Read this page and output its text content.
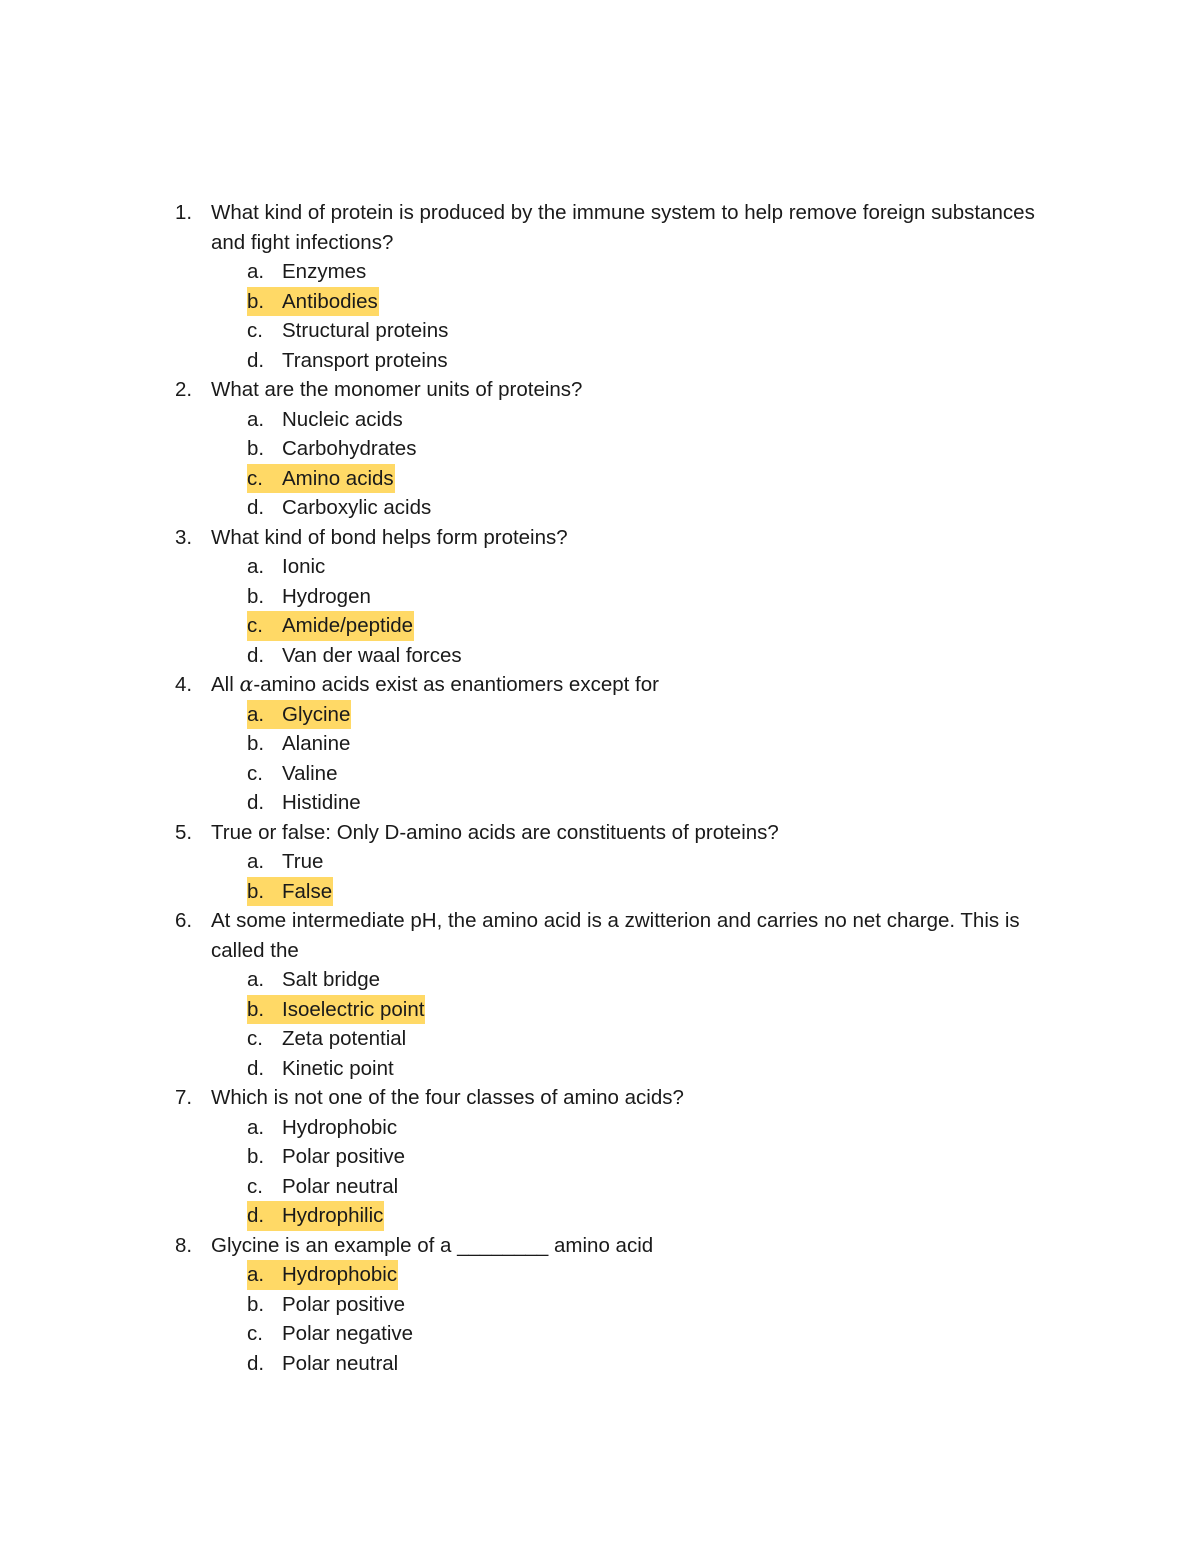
1. What kind of protein is produced by the immune system to help remove foreign substances and fight infections?
a. Enzymes
b. Antibodies
c. Structural proteins
d. Transport proteins
2. What are the monomer units of proteins?
a. Nucleic acids
b. Carbohydrates
c. Amino acids
d. Carboxylic acids
3. What kind of bond helps form proteins?
a. Ionic
b. Hydrogen
c. Amide/peptide
d. Van der waal forces
4. All α-amino acids exist as enantiomers except for
a. Glycine
b. Alanine
c. Valine
d. Histidine
5. True or false: Only D-amino acids are constituents of proteins?
a. True
b. False
6. At some intermediate pH, the amino acid is a zwitterion and carries no net charge. This is called the
a. Salt bridge
b. Isoelectric point
c. Zeta potential
d. Kinetic point
7. Which is not one of the four classes of amino acids?
a. Hydrophobic
b. Polar positive
c. Polar neutral
d. Hydrophilic
8. Glycine is an example of a ________ amino acid
a. Hydrophobic
b. Polar positive
c. Polar negative
d. Polar neutral
